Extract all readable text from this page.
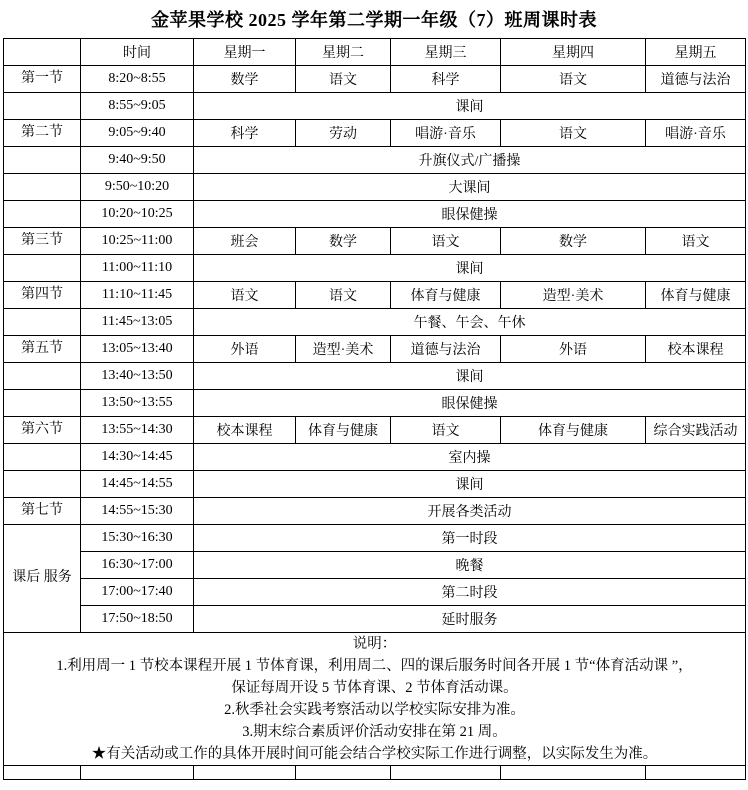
金苹果学校 2025 学年第二学期一年级（7）班周课时表
	时间	星期一	星期二	星期三	星期四	星期五
第一节	8:20~8:55	数学	语文	科学	语文	道德与法治
	8:55~9:05	课间				
第二节	9:05~9:40	科学	劳动	唱游·音乐	语文	唱游·音乐
	9:40~9:50	升旗仪式/广播操				
	9:50~10:20	大课间				
	10:20~10:25	眼保健操				
第三节	10:25~11:00	班会	数学	语文	数学	语文
	11:00~11:10	课间				
第四节	11:10~11:45	语文	语文	体育与健康	造型·美术	体育与健康
	11:45~13:05	午餐、午会、午休				
第五节	13:05~13:40	外语	造型·美术	道德与法治	外语	校本课程
	13:40~13:50	课间				
	13:50~13:55	眼保健操				
第六节	13:55~14:30	校本课程	体育与健康	语文	体育与健康	综合实践活动
	14:30~14:45	室内操				
	14:45~14:55	课间				
第七节	14:55~15:30	开展各类活动				
课后 服务	15:30~16:30	第一时段				
	16:30~17:00	晚餐				
	17:00~17:40	第二时段				
	17:50~18:50	延时服务				

说明：
1.利用周一 1 节校本课程开展 1 节体育课，利用周二、四的课后服务时间各开展 1 节“体育活动课 ”，
保证每周开设 5 节体育课、2 节体育活动课。
2.秋季社会实践考察活动以学校实际安排为准。
3.期末综合素质评价活动安排在第 21 周。
★有关活动或工作的具体开展时间可能会结合学校实际工作进行调整，以实际发生为准。
